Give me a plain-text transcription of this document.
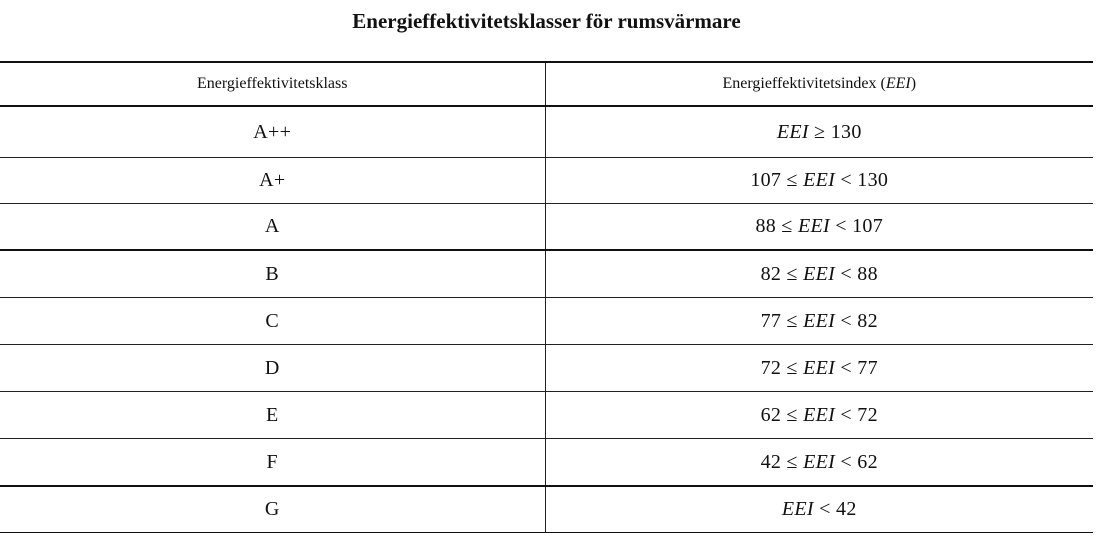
Energieffektivitetsklasser för rumsvärmare
Energieffektivitetsklass	Energieffektivitetsindex (EEI)
A++	EEI ≥ 130
A+	107 ≤ EEI < 130
A	88 ≤ EEI < 107
B	82 ≤ EEI < 88
C	77 ≤ EEI < 82
D	72 ≤ EEI < 77
E	62 ≤ EEI < 72
F	42 ≤ EEI < 62
G	EEI < 42
